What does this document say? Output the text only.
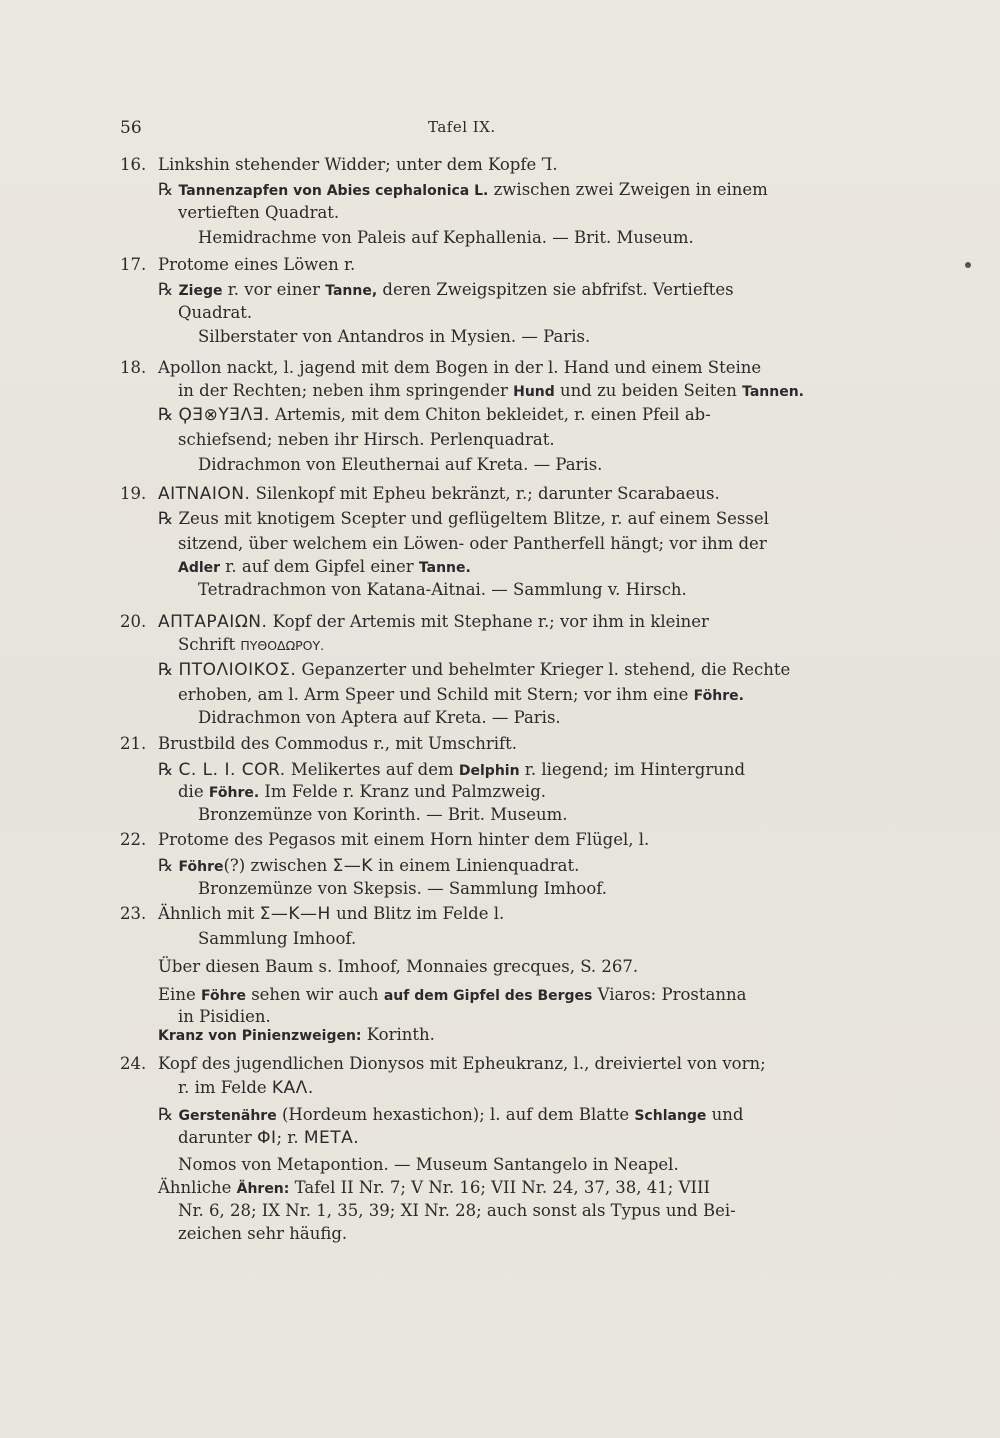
56	Tafel IX.
16. Linkshin stehender Widder; unter dem Kopfe Ꞁ.
℞ Tannenzapfen von Abies cephalonica L. zwischen zwei Zweigen in einem
vertieften Quadrat.
Hemidrachme von Paleis auf Kephallenia. — Brit. Museum.
17. Protome eines Löwen r.
℞ Ziege r. vor einer Tanne, deren Zweigspitzen sie abfrifst. Vertieftes
Quadrat.
Silberstater von Antandros in Mysien. — Paris.
18. Apollon nackt, l. jagend mit dem Bogen in der l. Hand und einem Steine
in der Rechten; neben ihm springender Hund und zu beiden Seiten Tannen.
℞ ϘƎ⊗ΥƎΛƎ. Artemis, mit dem Chiton bekleidet, r. einen Pfeil ab-
schiefsend; neben ihr Hirsch. Perlenquadrat.
Didrachmon von Eleuthernai auf Kreta. — Paris.
19. ΑΙΤΝΑΙΟΝ. Silenkopf mit Epheu bekränzt, r.; darunter Scarabaeus.
℞ Zeus mit knotigem Scepter und geflügeltem Blitze, r. auf einem Sessel
sitzend, über welchem ein Löwen- oder Pantherfell hängt; vor ihm der
Adler r. auf dem Gipfel einer Tanne.
Tetradrachmon von Katana-Aitnai. — Sammlung v. Hirsch.
20. ΑΠΤΑΡΑΙΩΝ. Kopf der Artemis mit Stephane r.; vor ihm in kleiner
Schrift ΠΥΘΟΔΩΡΟΥ.
℞ ΠΤΟΛΙΟΙΚΟΣ. Gepanzerter und behelmter Krieger l. stehend, die Rechte
erhoben, am l. Arm Speer und Schild mit Stern; vor ihm eine Föhre.
Didrachmon von Aptera auf Kreta. — Paris.
21. Brustbild des Commodus r., mit Umschrift.
℞ C. L. I. COR. Melikertes auf dem Delphin r. liegend; im Hintergrund
die Föhre. Im Felde r. Kranz und Palmzweig.
Bronzemünze von Korinth. — Brit. Museum.
22. Protome des Pegasos mit einem Horn hinter dem Flügel, l.
℞ Föhre(?) zwischen Σ—Κ in einem Linienquadrat.
Bronzemünze von Skepsis. — Sammlung Imhoof.
23. Ähnlich mit Σ—Κ—Η und Blitz im Felde l.
Sammlung Imhoof.
Über diesen Baum s. Imhoof, Monnaies grecques, S. 267.
Eine Föhre sehen wir auch auf dem Gipfel des Berges Viaros: Prostanna
in Pisidien.
Kranz von Pinienzweigen: Korinth.
24. Kopf des jugendlichen Dionysos mit Epheukranz, l., dreiviertel von vorn;
r. im Felde ΚΑΛ.
℞ Gerstenähre (Hordeum hexastichon); l. auf dem Blatte Schlange und
darunter ΦΙ; r. ΜΕΤΑ.
Nomos von Metapontion. — Museum Santangelo in Neapel.
Ähnliche Ähren: Tafel II Nr. 7; V Nr. 16; VII Nr. 24, 37, 38, 41; VIII
Nr. 6, 28; IX Nr. 1, 35, 39; XI Nr. 28; auch sonst als Typus und Bei-
zeichen sehr häufig.
